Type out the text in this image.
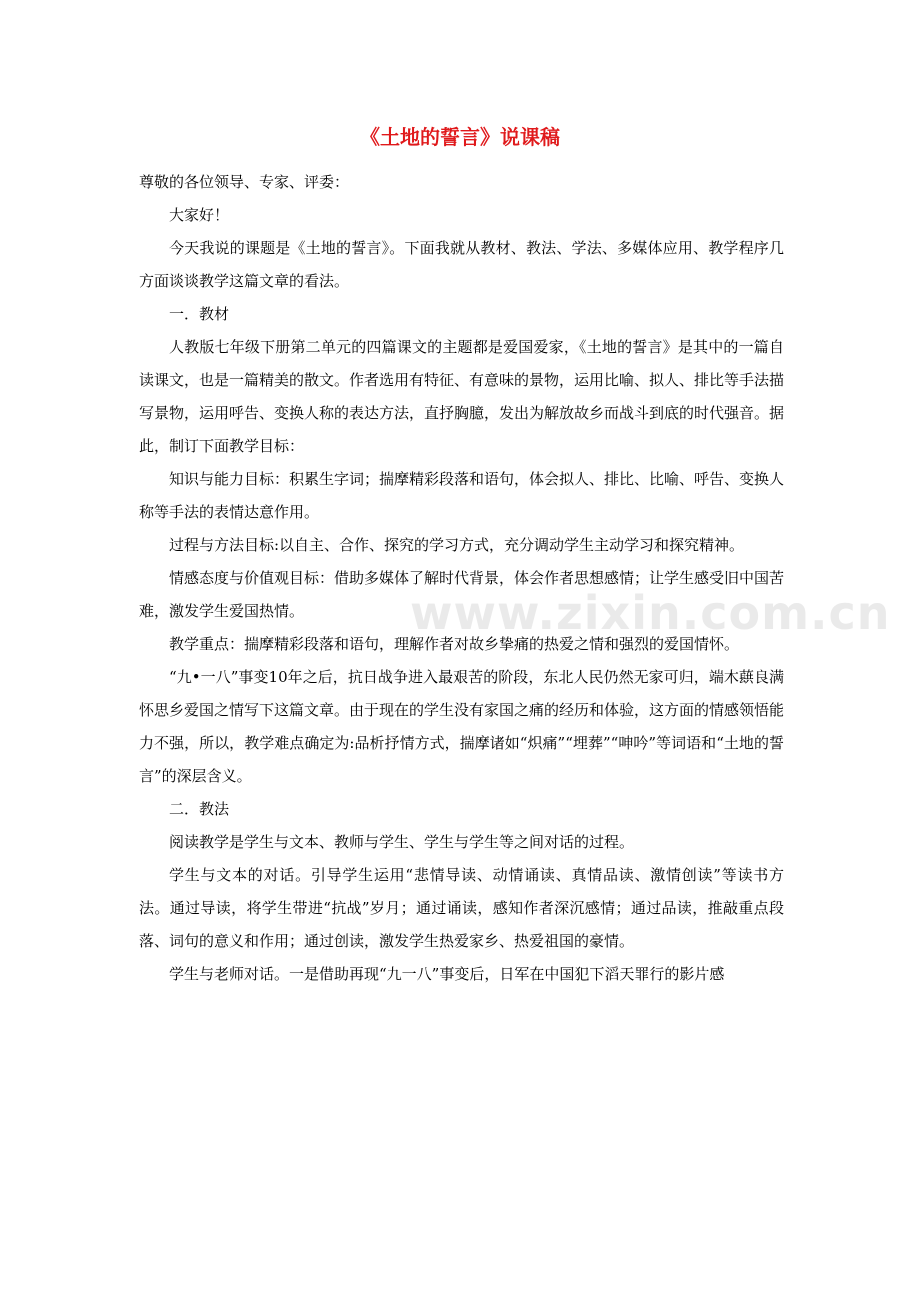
《土地的誓言》说课稿
www.zixin.com.cn

尊敬的各位领导、专家、评委：

大家好！

今天我说的课题是《土地的誓言》。下面我就从教材、教法、学法、多媒体应用、教学程序几方面谈谈教学这篇文章的看法。

一．教材

人教版七年级下册第二单元的四篇课文的主题都是爱国爱家，《土地的誓言》是其中的一篇自读课文，也是一篇精美的散文。作者选用有特征、有意味的景物，运用比喻、拟人、排比等手法描写景物，运用呼告、变换人称的表达方法，直抒胸臆，发出为解放故乡而战斗到底的时代强音。据此，制订下面教学目标：

知识与能力目标：积累生字词；揣摩精彩段落和语句，体会拟人、排比、比喻、呼告、变换人称等手法的表情达意作用。

过程与方法目标:以自主、合作、探究的学习方式，充分调动学生主动学习和探究精神。

情感态度与价值观目标：借助多媒体了解时代背景，体会作者思想感情；让学生感受旧中国苦难，激发学生爱国热情。

教学重点：揣摩精彩段落和语句，理解作者对故乡挚痛的热爱之情和强烈的爱国情怀。

“九•一八”事变10年之后，抗日战争进入最艰苦的阶段，东北人民仍然无家可归，端木蕻良满怀思乡爱国之情写下这篇文章。由于现在的学生没有家国之痛的经历和体验，这方面的情感领悟能力不强，所以，教学难点确定为:品析抒情方式，揣摩诸如“炽痛”“埋葬”“呻吟”等词语和“土地的誓言”的深层含义。

二．教法

阅读教学是学生与文本、教师与学生、学生与学生等之间对话的过程。

学生与文本的对话。引导学生运用“悲情导读、动情诵读、真情品读、激情创读”等读书方法。通过导读，将学生带进“抗战”岁月；通过诵读，感知作者深沉感情；通过品读，推敲重点段落、词句的意义和作用；通过创读，激发学生热爱家乡、热爱祖国的豪情。

学生与老师对话。一是借助再现“九一八”事变后，日军在中国犯下滔天罪行的影片感
